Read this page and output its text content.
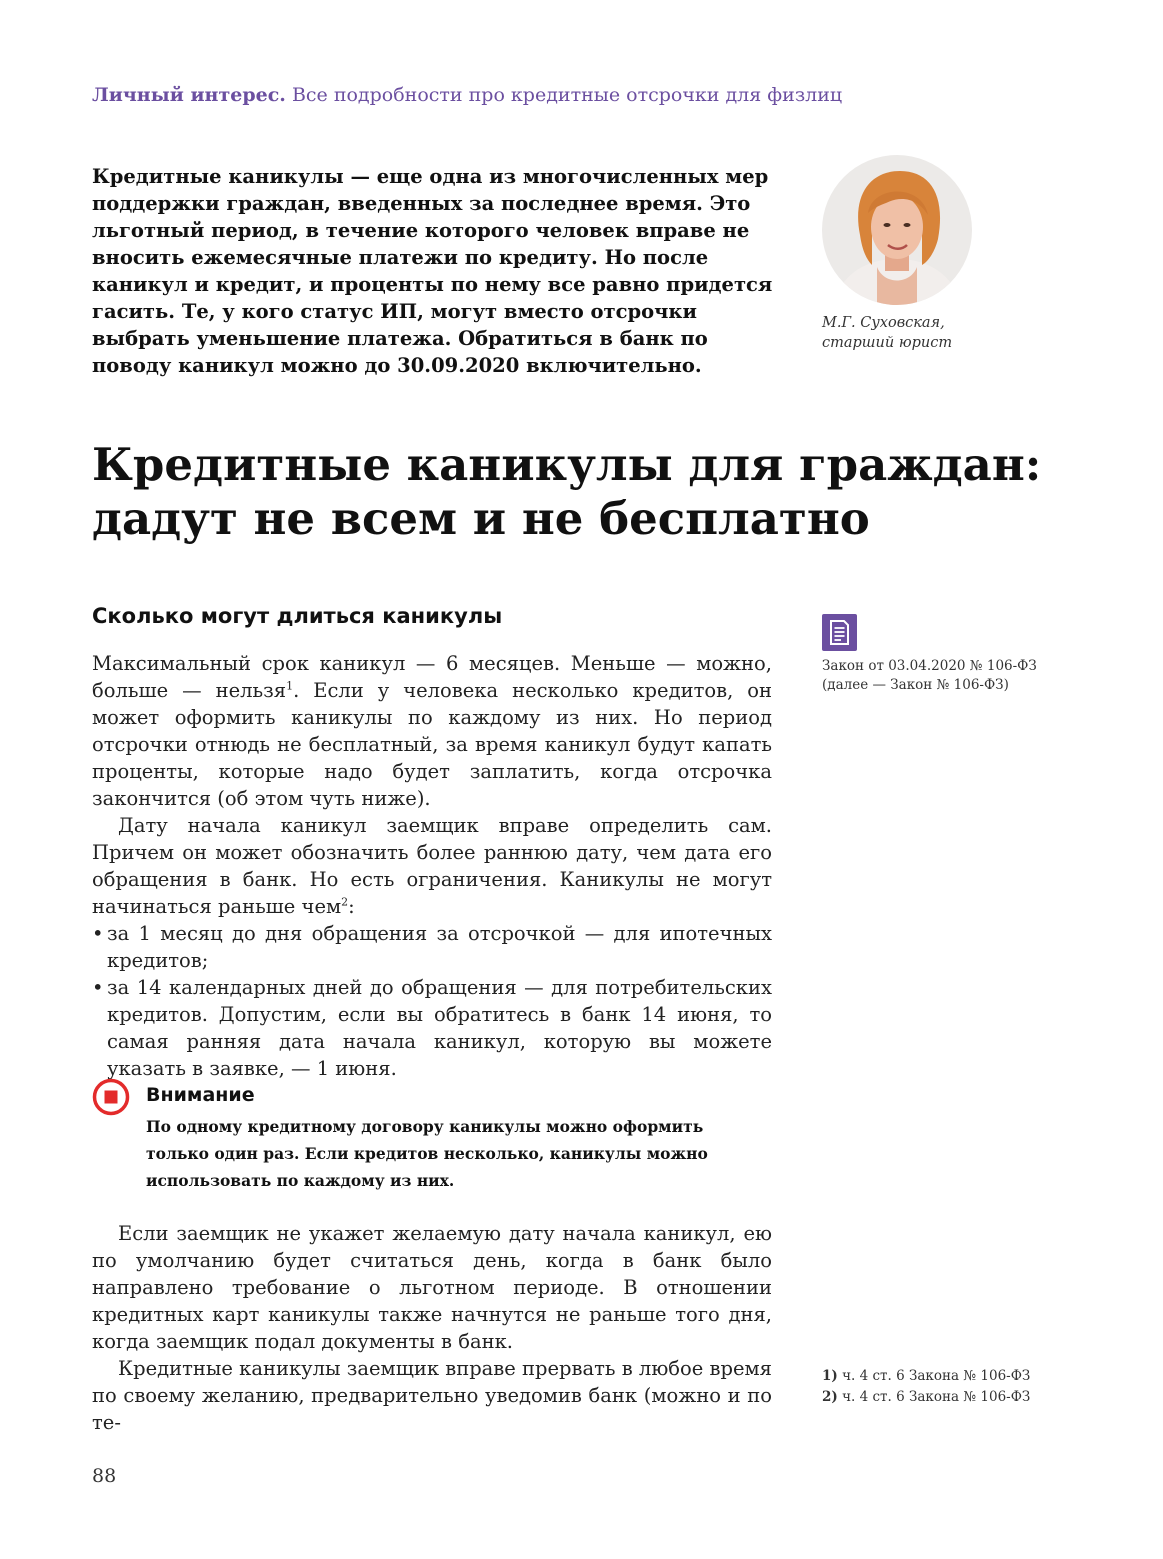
Личный интерес. Все подробности про кредитные отсрочки для физлиц

Кредитные каникулы — еще одна из многочисленных мер поддержки граждан, введенных за последнее время. Это льготный период, в течение которого человек вправе не вносить ежемесячные платежи по кредиту. Но после каникул и кредит, и проценты по нему все равно придется гасить. Те, у кого статус ИП, могут вместо отсрочки выбрать уменьшение платежа. Обратиться в банк по поводу каникул можно до 30.09.2020 включительно.

М.Г. Суховская,
старший юрист
Кредитные каникулы для граждан:
дадут не всем и не бесплатно
Сколько могут длиться каникулы

Максимальный срок каникул — 6 месяцев. Меньше — можно, больше — нельзя$^1$. Если у человека несколько кредитов, он может оформить каникулы по каждому из них. Но период отсрочки отнюдь не бесплатный, за время каникул будут капать проценты, которые надо будет заплатить, когда отсрочка закончится (об этом чуть ниже).

Дату начала каникул заемщик вправе определить сам. Причем он может обозначить более раннюю дату, чем дата его обращения в банк. Но есть ограничения. Каникулы не могут начинаться раньше чем$^2$:

• за 1 месяц до дня обращения за отсрочкой — для ипотечных кредитов;
• за 14 календарных дней до обращения — для потребительских кредитов. Допустим, если вы обратитесь в банк 14 июня, то самая ранняя дата начала каникул, которую вы можете указать в заявке, — 1 июня.
Закон от 03.04.2020 № 106-ФЗ
(далее — Закон № 106-ФЗ)
Внимание

По одному кредитному договору каникулы можно оформить только один раз. Если кредитов несколько, каникулы можно использовать по каждому из них.

Если заемщик не укажет желаемую дату начала каникул, ею по умолчанию будет считаться день, когда в банк было направлено требование о льготном периоде. В отношении кредитных карт каникулы также начнутся не раньше того дня, когда заемщик подал документы в банк.

Кредитные каникулы заемщик вправе прервать в любое время по своему желанию, предварительно уведомив банк (можно и по те-

1) ч. 4 ст. 6 Закона № 106-ФЗ
2) ч. 4 ст. 6 Закона № 106-ФЗ
88
